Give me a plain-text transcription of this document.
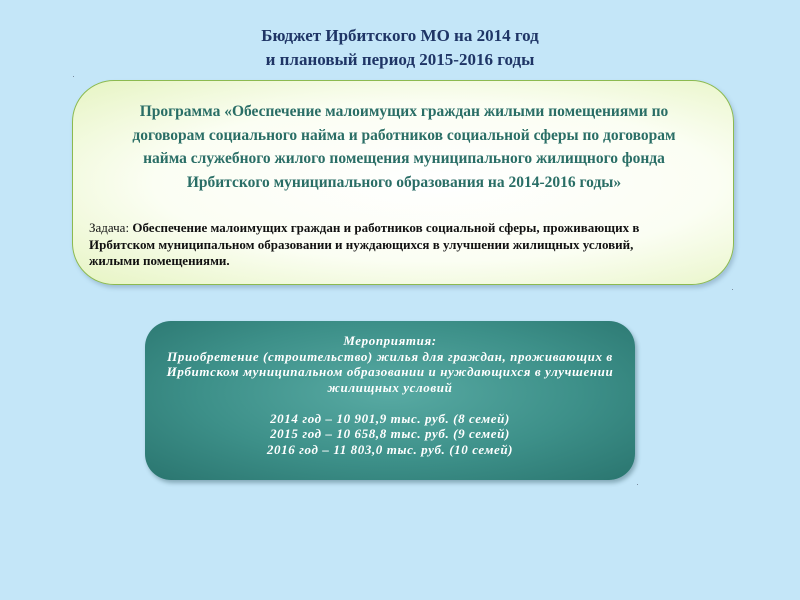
Бюджет Ирбитского МО на 2014 год
и плановый период 2015-2016 годы
Программа «Обеспечение малоимущих граждан жилыми помещениями по договорам социального найма и работников социальной сферы по договорам найма служебного жилого помещения муниципального жилищного фонда Ирбитского муниципального образования на 2014-2016 годы»
Задача: Обеспечение малоимущих граждан и работников социальной сферы, проживающих в Ирбитском муниципальном образовании и нуждающихся в улучшении жилищных условий, жилыми помещениями.
Мероприятия:
Приобретение (строительство) жилья для граждан, проживающих в Ирбитском муниципальном образовании и нуждающихся в улучшении жилищных условий
2014 год – 10 901,9 тыс. руб. (8 семей)
2015 год – 10 658,8 тыс. руб. (9 семей)
2016 год – 11 803,0 тыс. руб. (10 семей)
